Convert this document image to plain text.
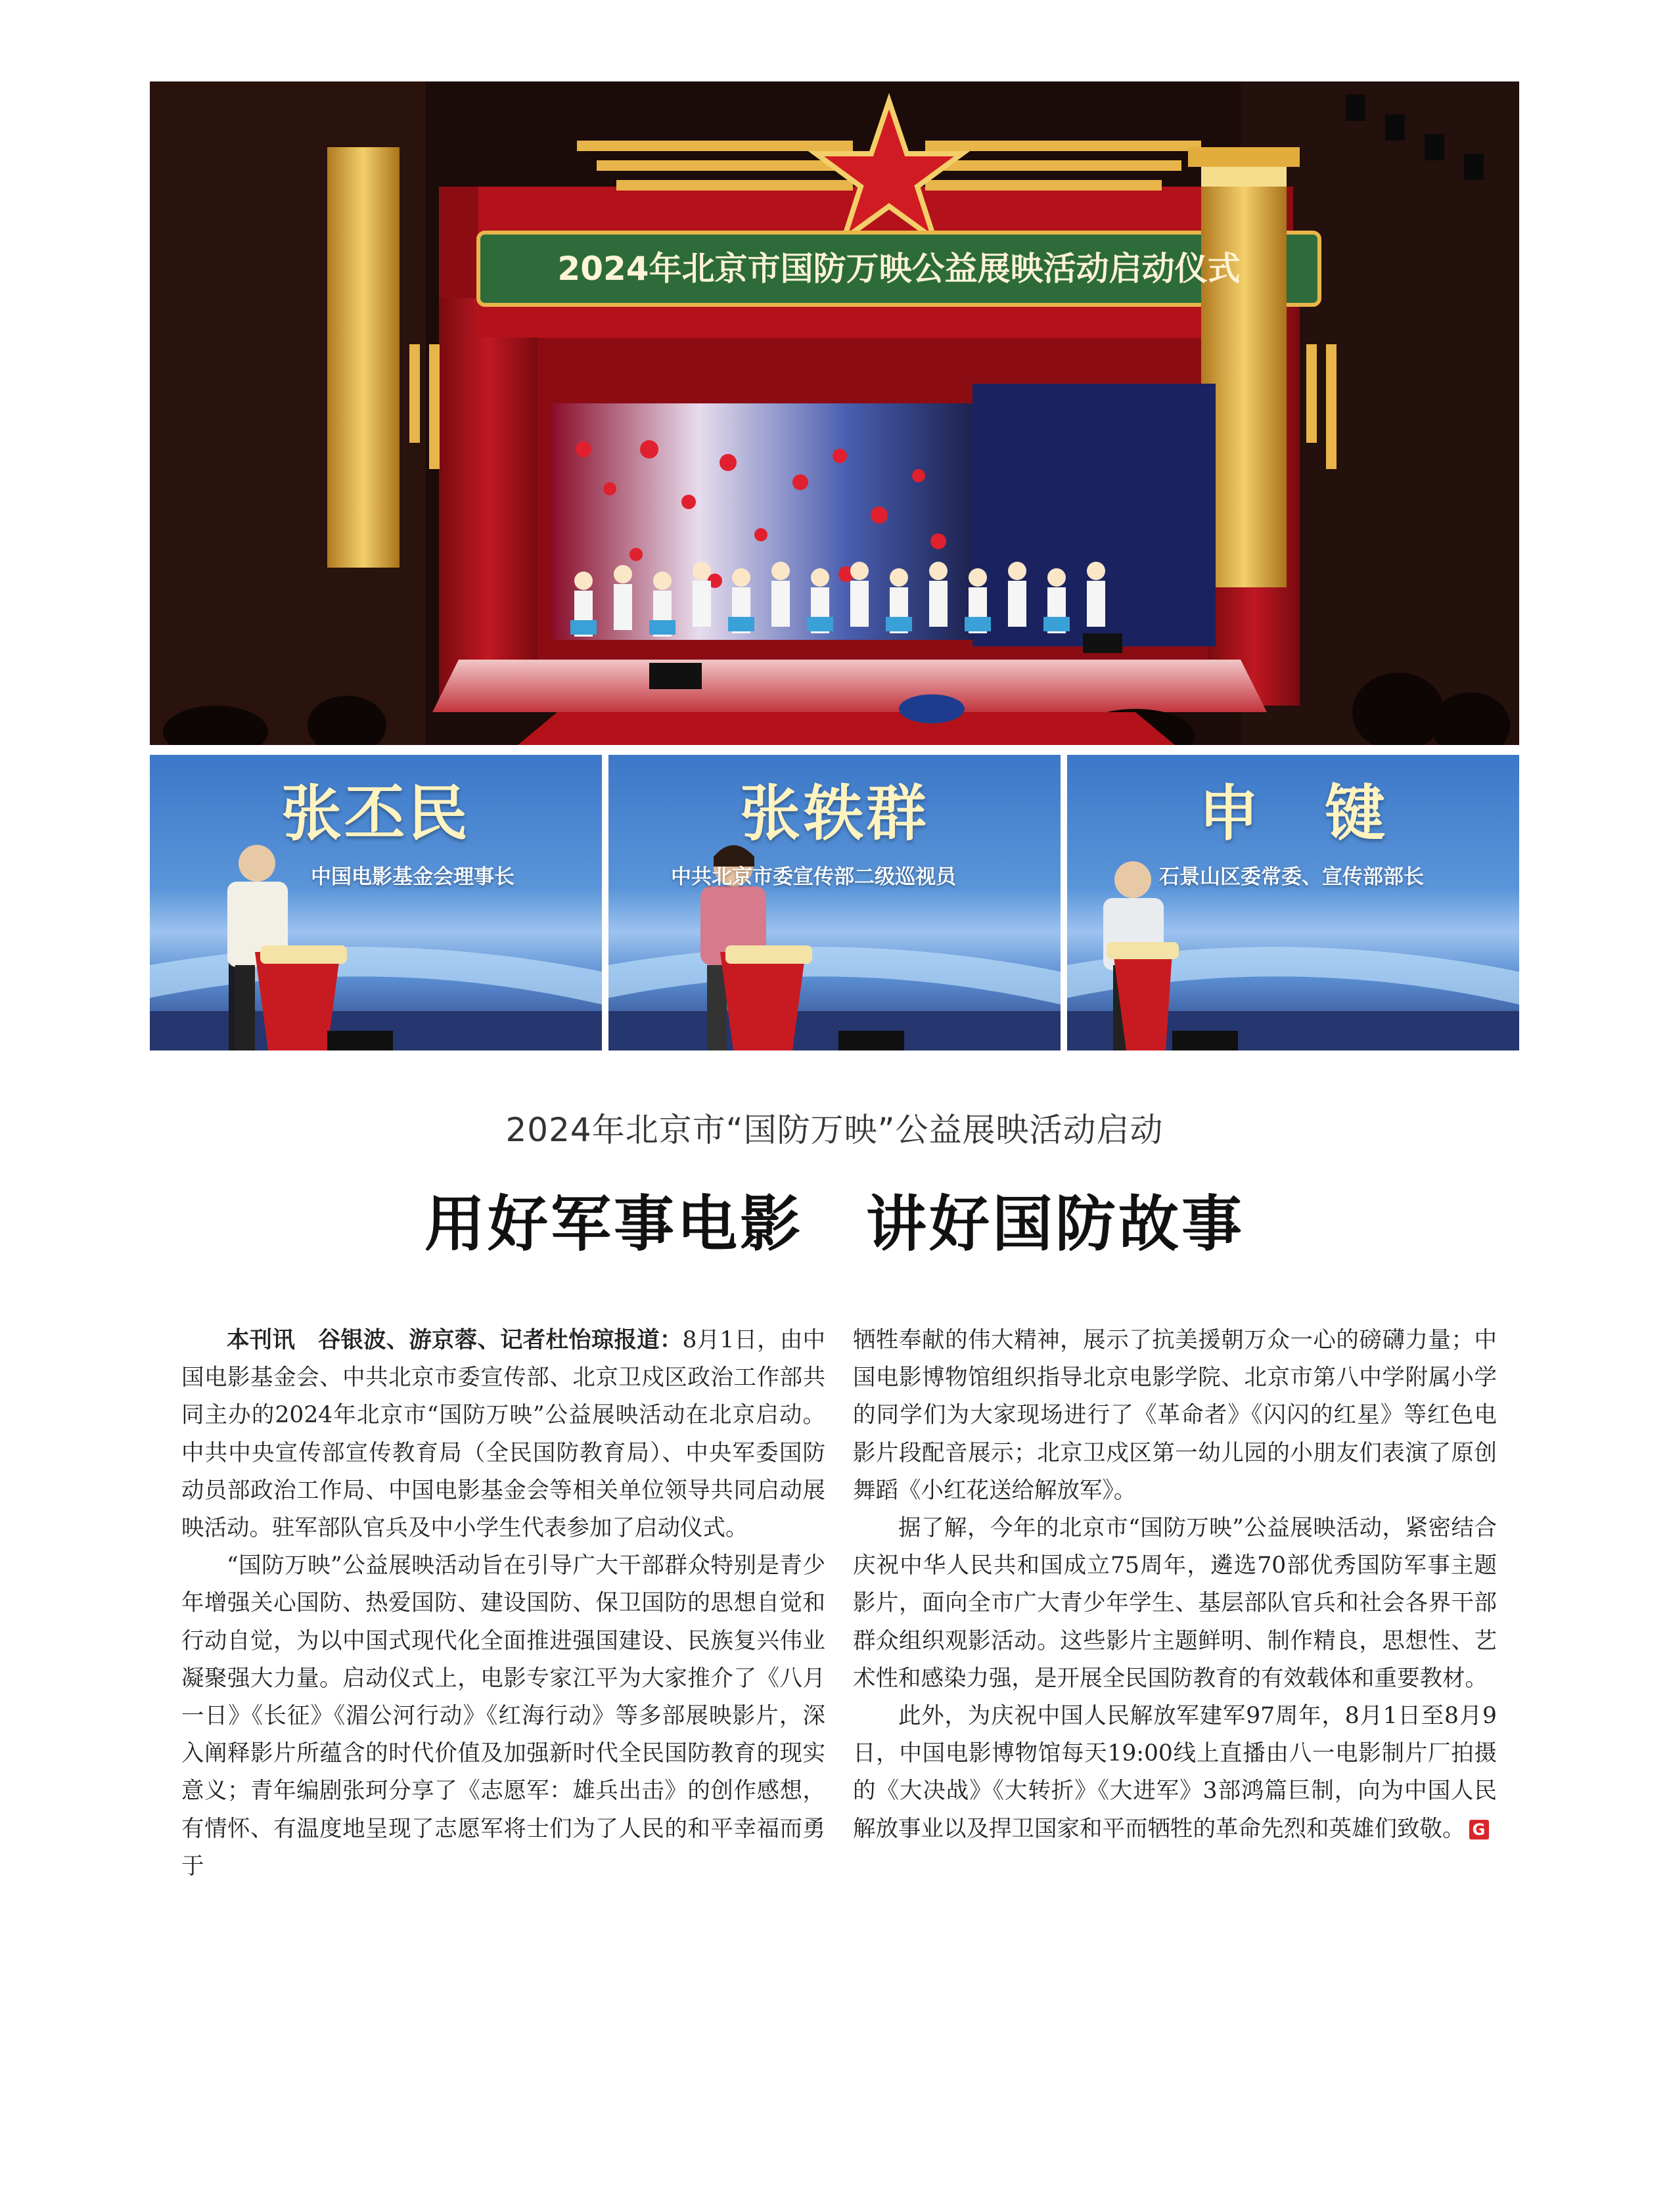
2024年北京市国防万映公益展映活动启动仪式
张丕民
中国电影基金会理事长
张轶群
中共北京市委宣传部二级巡视员
申　键
石景山区委常委、宣传部部长
2024年北京市“国防万映”公益展映活动启动
用好军事电影　讲好国防故事

本刊讯　谷银波、游京蓉、记者杜怡琼报道：8月1日，由中国电影基金会、中共北京市委宣传部、北京卫戍区政治工作部共同主办的2024年北京市“国防万映”公益展映活动在北京启动。中共中央宣传部宣传教育局（全民国防教育局）、中央军委国防动员部政治工作局、中国电影基金会等相关单位领导共同启动展映活动。驻军部队官兵及中小学生代表参加了启动仪式。

“国防万映”公益展映活动旨在引导广大干部群众特别是青少年增强关心国防、热爱国防、建设国防、保卫国防的思想自觉和行动自觉，为以中国式现代化全面推进强国建设、民族复兴伟业凝聚强大力量。启动仪式上，电影专家江平为大家推介了《八月一日》《长征》《湄公河行动》《红海行动》等多部展映影片，深入阐释影片所蕴含的时代价值及加强新时代全民国防教育的现实意义；青年编剧张珂分享了《志愿军：雄兵出击》的创作感想，有情怀、有温度地呈现了志愿军将士们为了人民的和平幸福而勇于

牺牲奉献的伟大精神，展示了抗美援朝万众一心的磅礴力量；中国电影博物馆组织指导北京电影学院、北京市第八中学附属小学的同学们为大家现场进行了《革命者》《闪闪的红星》等红色电影片段配音展示；北京卫戍区第一幼儿园的小朋友们表演了原创舞蹈《小红花送给解放军》。

据了解，今年的北京市“国防万映”公益展映活动，紧密结合庆祝中华人民共和国成立75周年，遴选70部优秀国防军事主题影片，面向全市广大青少年学生、基层部队官兵和社会各界干部群众组织观影活动。这些影片主题鲜明、制作精良，思想性、艺术性和感染力强，是开展全民国防教育的有效载体和重要教材。

此外，为庆祝中国人民解放军建军97周年，8月1日至8月9日，中国电影博物馆每天19:00线上直播由八一电影制片厂拍摄的《大决战》《大转折》《大进军》3部鸿篇巨制，向为中国人民解放事业以及捍卫国家和平而牺牲的革命先烈和英雄们致敬。 G
